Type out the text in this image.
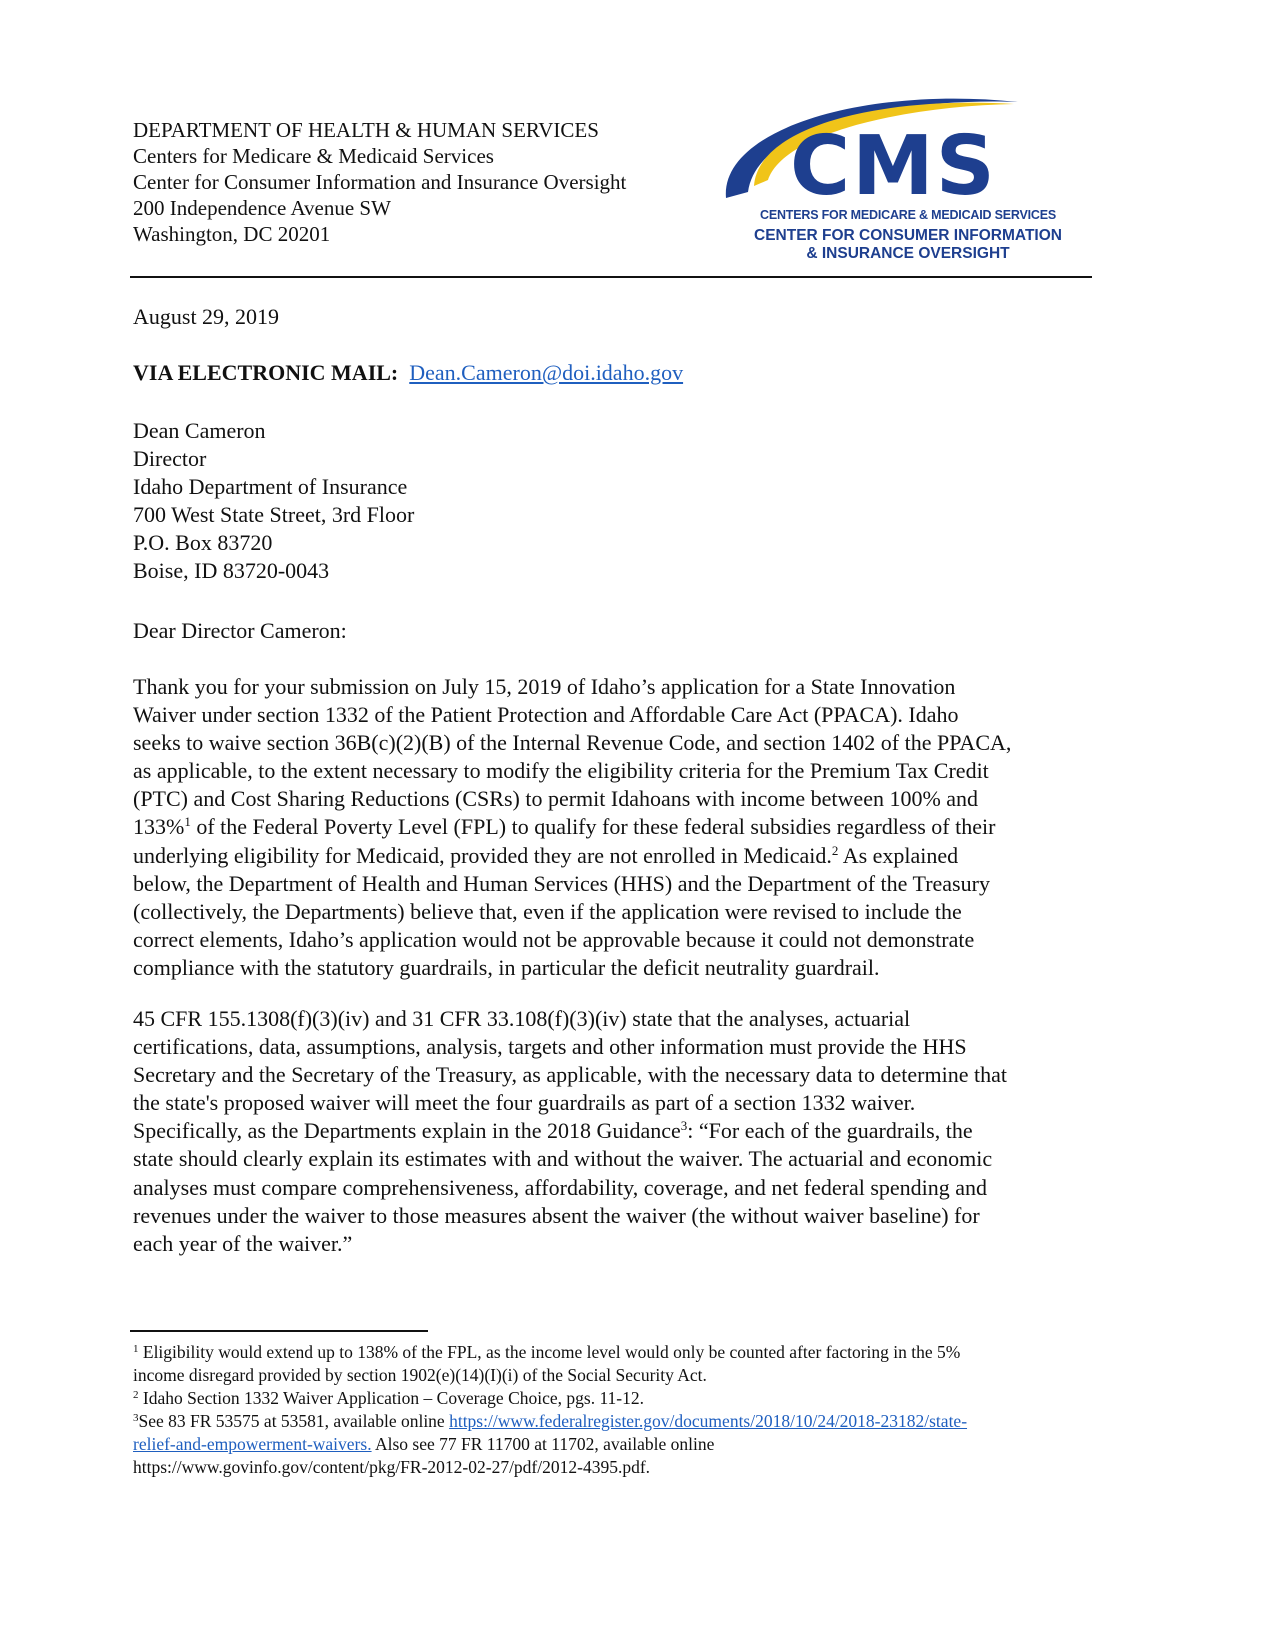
DEPARTMENT OF HEALTH & HUMAN SERVICES
Centers for Medicare & Medicaid Services
Center for Consumer Information and Insurance Oversight
200 Independence Avenue SW
Washington, DC 20201
CMS
CENTERS FOR MEDICARE & MEDICAID SERVICES
CENTER FOR CONSUMER INFORMATION
& INSURANCE OVERSIGHT
August 29, 2019
VIA ELECTRONIC MAIL: Dean.Cameron@doi.idaho.gov
Dean Cameron
Director
Idaho Department of Insurance
700 West State Street, 3rd Floor
P.O. Box 83720
Boise, ID 83720-0043
Dear Director Cameron:
Thank you for your submission on July 15, 2019 of Idaho’s application for a State Innovation
Waiver under section 1332 of the Patient Protection and Affordable Care Act (PPACA). Idaho
seeks to waive section 36B(c)(2)(B) of the Internal Revenue Code, and section 1402 of the PPACA,
as applicable, to the extent necessary to modify the eligibility criteria for the Premium Tax Credit
(PTC) and Cost Sharing Reductions (CSRs) to permit Idahoans with income between 100% and
133%$^1$ of the Federal Poverty Level (FPL) to qualify for these federal subsidies regardless of their
underlying eligibility for Medicaid, provided they are not enrolled in Medicaid.$^2$ As explained
below, the Department of Health and Human Services (HHS) and the Department of the Treasury
(collectively, the Departments) believe that, even if the application were revised to include the
correct elements, Idaho’s application would not be approvable because it could not demonstrate
compliance with the statutory guardrails, in particular the deficit neutrality guardrail.
45 CFR 155.1308(f)(3)(iv) and 31 CFR 33.108(f)(3)(iv) state that the analyses, actuarial
certifications, data, assumptions, analysis, targets and other information must provide the HHS
Secretary and the Secretary of the Treasury, as applicable, with the necessary data to determine that
the state's proposed waiver will meet the four guardrails as part of a section 1332 waiver.
Specifically, as the Departments explain in the 2018 Guidance$^3$: “For each of the guardrails, the
state should clearly explain its estimates with and without the waiver. The actuarial and economic
analyses must compare comprehensiveness, affordability, coverage, and net federal spending and
revenues under the waiver to those measures absent the waiver (the without waiver baseline) for
each year of the waiver.”
$^1$ Eligibility would extend up to 138% of the FPL, as the income level would only be counted after factoring in the 5%
income disregard provided by section 1902(e)(14)(I)(i) of the Social Security Act.
$^2$ Idaho Section 1332 Waiver Application – Coverage Choice, pgs. 11-12.
$^3$See 83 FR 53575 at 53581, available online https://www.federalregister.gov/documents/2018/10/24/2018-23182/state-
relief-and-empowerment-waivers. Also see 77 FR 11700 at 11702, available online
https://www.govinfo.gov/content/pkg/FR-2012-02-27/pdf/2012-4395.pdf.
